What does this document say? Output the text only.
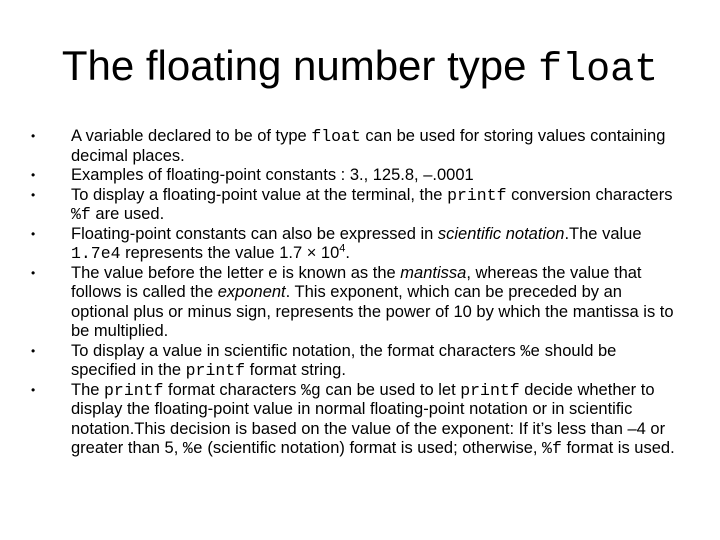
The floating number type float
• A variable declared to be of type float can be used for storing values containing decimal places.
• Examples of floating-point constants : 3., 125.8, –.0001
• To display a floating-point value at the terminal, the printf conversion characters %f are used.
• Floating-point constants can also be expressed in scientific notation.The value 1.7e4 represents the value $1.7 \times 10^4$.
• The value before the letter e is known as the mantissa, whereas the value that follows is called the exponent. This exponent, which can be preceded by an optional plus or minus sign, represents the power of 10 by which the mantissa is to be multiplied.
• To display a value in scientific notation, the format characters %e should be specified in the printf format string.
• The printf format characters %g can be used to let printf decide whether to display the floating-point value in normal floating-point notation or in scientific notation.This decision is based on the value of the exponent: If it’s less than –4 or greater than 5, %e (scientific notation) format is used; otherwise, %f format is used.
